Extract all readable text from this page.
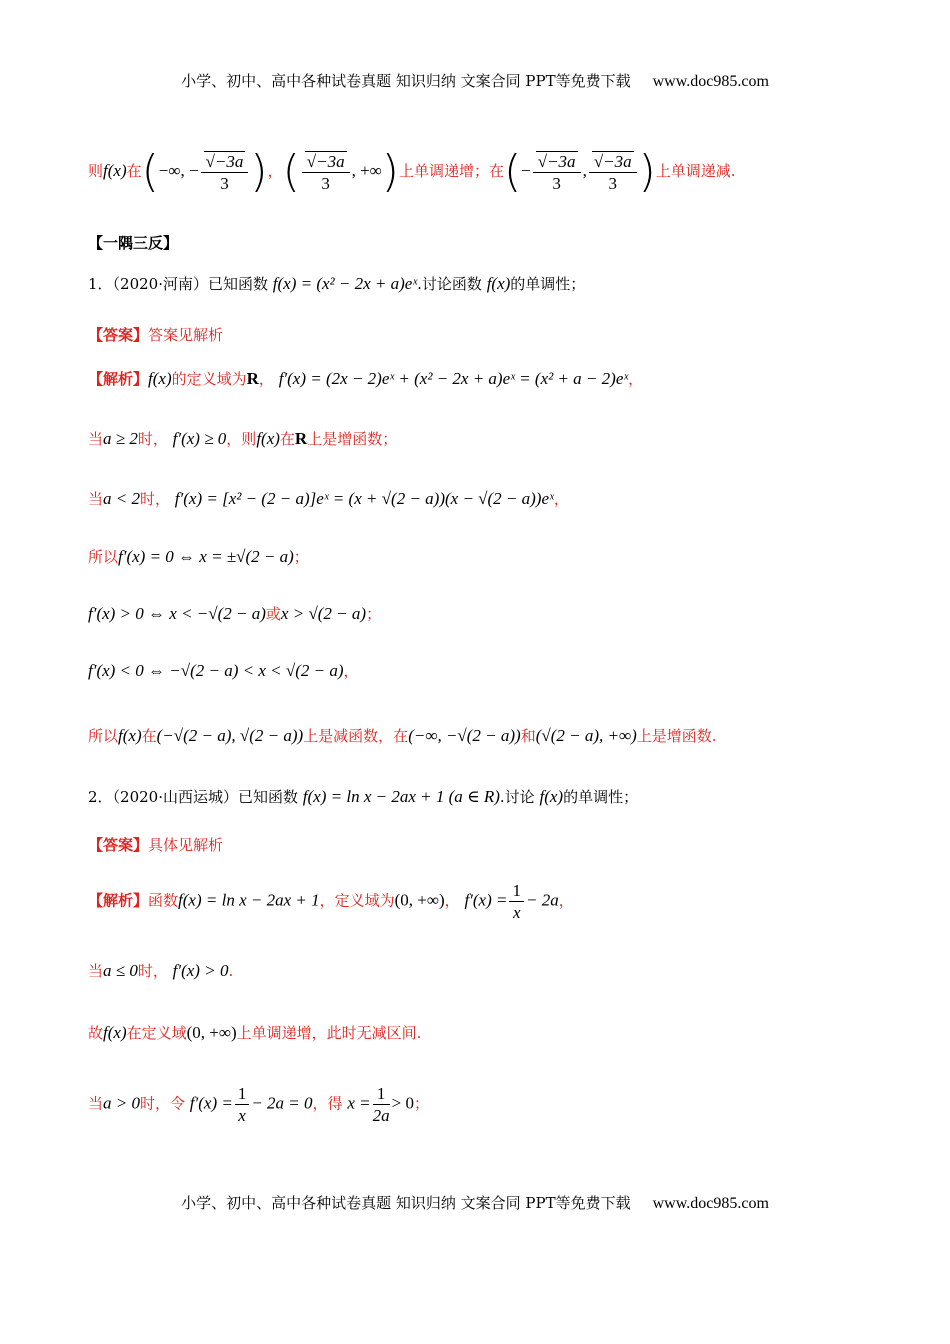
小学、初中、高中各种试卷真题 知识归纳 文案合同 PPT等免费下载 www.doc985.com
则f(x)在(−∞, − $\frac{√-3a}{3}$ )，( $\frac{√-3a}{3}$ , +∞)上单调递增；在(− $\frac{√-3a}{3}$ , $\frac{√-3a}{3}$ )上单调递减.
【一隅三反】
1．（2020·河南）已知函数 f(x) = (x² − 2x + a)eˣ.讨论函数 f(x)的单调性；
【答案】答案见解析
【解析】f(x)的定义域为R， f′(x) = (2x − 2)eˣ + (x² − 2x + a)eˣ = (x² + a − 2)eˣ，
当a ≥ 2时， f′(x) ≥ 0，则f(x)在R上是增函数；
当a < 2时， f′(x) = [x² − (2 − a)]eˣ = (x + √(2 − a))(x − √(2 − a))eˣ，
所以f′(x) = 0 ⇔ x = ±√(2 − a)；
f′(x) > 0 ⇔ x < −√(2 − a)或x > √(2 − a)；
f′(x) < 0 ⇔ −√(2 − a) < x < √(2 − a)，
所以f(x)在(−√(2 − a), √(2 − a))上是减函数，在(−∞, −√(2 − a))和(√(2 − a), +∞)上是增函数.
2．（2020·山西运城）已知函数 f(x) = ln x − 2ax + 1 (a ∈ R).讨论 f(x)的单调性；
【答案】具体见解析
【解析】函数f(x) = ln x − 2ax + 1，定义域为(0, +∞)， $f'(x) = \frac{1}{x} - 2a$，
当a ≤ 0时， f′(x) > 0.
故f(x)在定义域(0, +∞)上单调递增，此时无减区间.
当a > 0时，令 $f'(x) = \frac{1}{x} - 2a = 0$，得 $x = \frac{1}{2a} > 0$；
小学、初中、高中各种试卷真题 知识归纳 文案合同 PPT等免费下载 www.doc985.com
